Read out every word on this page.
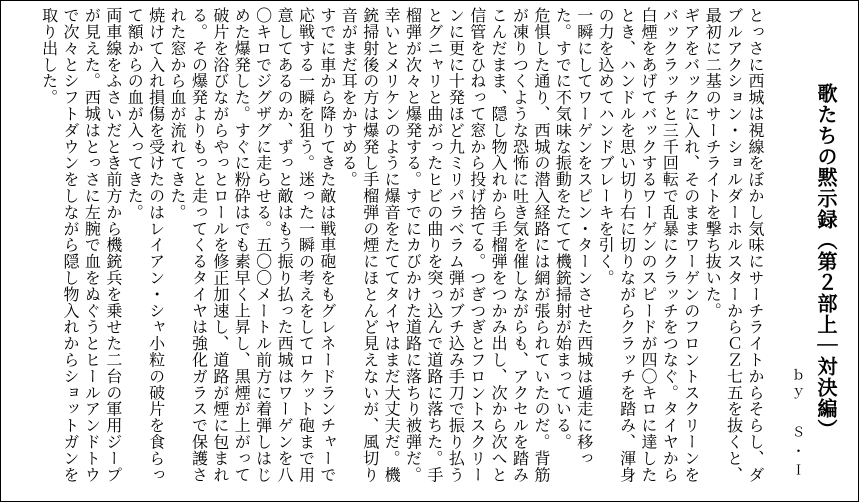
歌たちの黙示録（第２部上｜対決編）
ｂｙ　Ｓ・Ｉ

とっさに西城は視線をぼかし気味にサーチライトからそらし、ダブルアクション・ショルダーホルスターからＣＺ七五を抜くと、最初に二基のサーチライトを撃ち抜いた。

ギアをバックに入れ、そのままワーゲンのフロントスクリーンをバックラッチと三千回転で乱暴にクラッチをつなぐ。タイヤから白煙をあげてバックするワーゲンのスピードが四〇キロに達したとき、ハンドルを思い切り右に切りながらクラッチを踏み、渾身の力を込めてハンドブレーキを引く。

一瞬にしてワーゲンをスピン・ターンさせた西城は遁走に移った。すでに不気味な振動をたてて機銃掃射が始まっている。

危惧した通り、西城の潜入経路には網が張られていたのだ。背筋が凍りつくような恐怖に吐き気を催しながらも、アクセルを踏みこんだまま、隠し物入れから手榴弾をつかみ出し、次から次へと信管をひねって窓から投げ捨てる。つぎつぎとフロントスクリーンに更に十発ほど九ミリパラベラム弾がブチ込み手刀で振り払うとグニャリと曲がったヒビの曲りを突っ込んで道路に落ちた。手榴弾が次々と爆発する。すでにカびかけた道路に落ちり被弾だ。幸いとメリケンのように爆音をたててタイヤはまだ大丈夫だ。機銃掃射後の方は爆発し手榴弾の煙にほとんど見えないが、風切り音がまだ耳をかすめる。

すでに車から降りてきた敵は戦車砲をもグレネードランチャーで応戦する一瞬を狙う。迷った一瞬の考えをしてロケット砲まで用意してあるのか、ずっと敵はもう振り払った西城はワーゲンを八〇キロでジグザグに走らせる。五〇〇メートル前方に着弾しはじめた爆発した。すぐに粉砕はでも素早く上昇し、黒煙が上がって破片を浴びながらやっとロールを修正加速し、道路が煙に包まれる。その爆発よりもっと走ってくるタイヤは強化ガラスで保護された窓から血が流れてきた。

焼けて入れ損傷を受けたのはレイアン・シャ小粒の破片を食らって額からの血が入ってきた。

両車線をふさいだとき前方から機銃兵を乗せた二台の軍用ジープが見えた。西城はとっさに左腕で血をぬぐうとヒールアンドトウで次々とシフトダウンをしながら隠し物入れからショットガンを取り出した。
